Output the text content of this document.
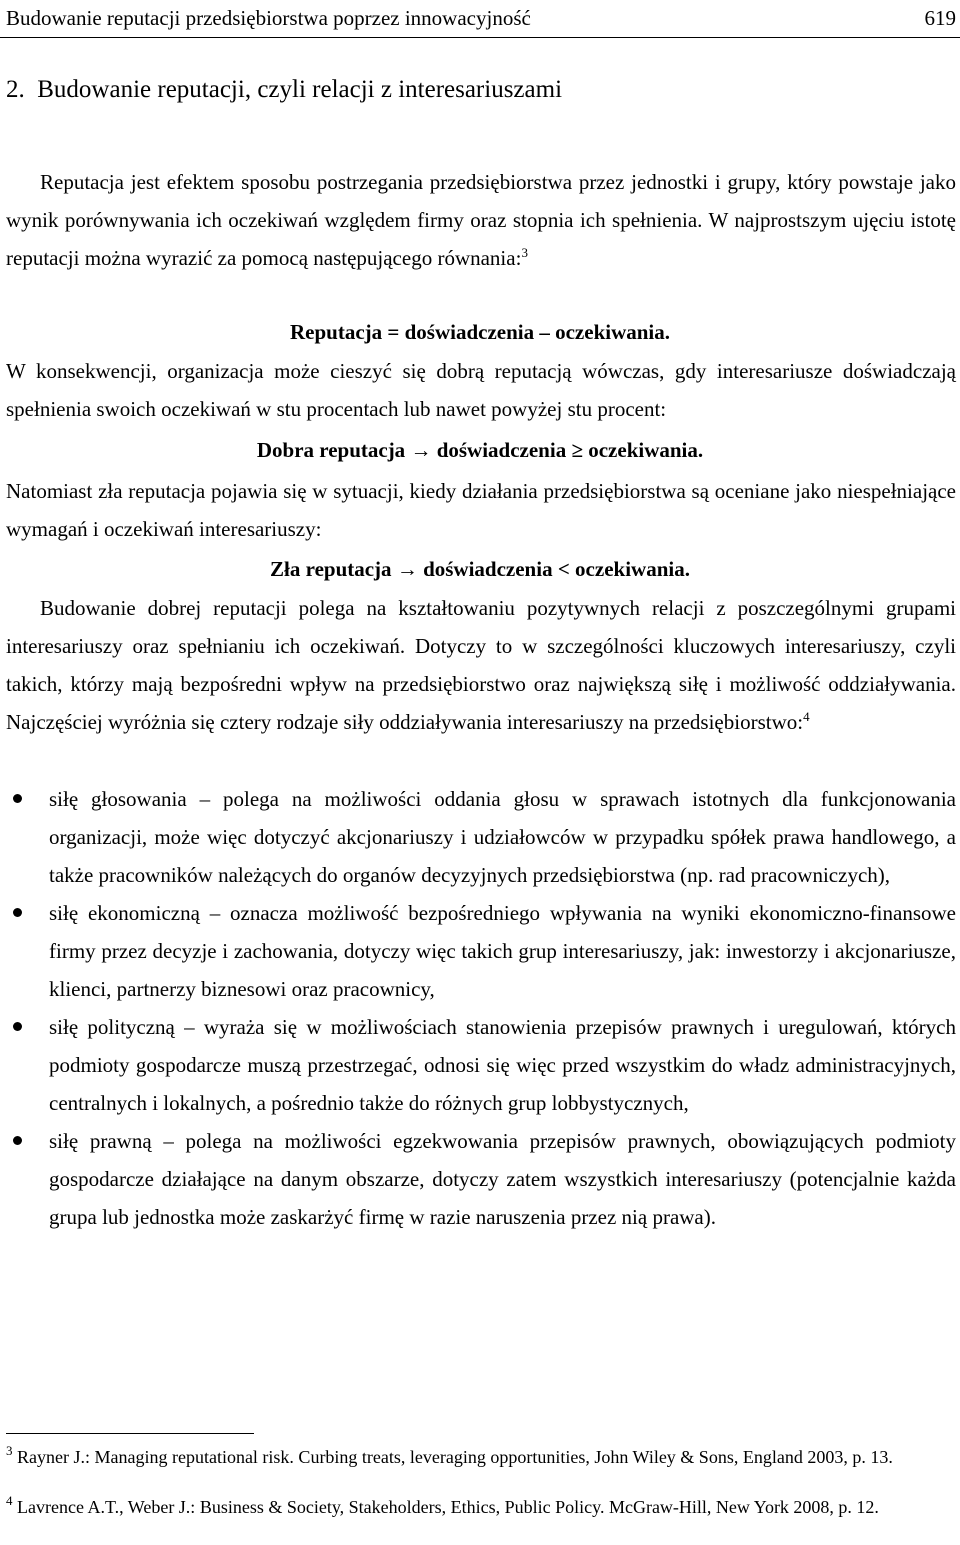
Budowanie reputacji przedsiębiorstwa poprzez innowacyjność	619
2. Budowanie reputacji, czyli relacji z interesariuszami

Reputacja jest efektem sposobu postrzegania przedsiębiorstwa przez jednostki i grupy, który powstaje jako wynik porównywania ich oczekiwań względem firmy oraz stopnia ich spełnienia. W najprostszym ujęciu istotę reputacji można wyrazić za pomocą następującego równania:$^3$

Reputacja = doświadczenia – oczekiwania.

W konsekwencji, organizacja może cieszyć się dobrą reputacją wówczas, gdy interesariusze doświadczają spełnienia swoich oczekiwań w stu procentach lub nawet powyżej stu procent:

Dobra reputacja → doświadczenia ≥ oczekiwania.

Natomiast zła reputacja pojawia się w sytuacji, kiedy działania przedsiębiorstwa są oceniane jako niespełniające wymagań i oczekiwań interesariuszy:

Zła reputacja → doświadczenia < oczekiwania.

Budowanie dobrej reputacji polega na kształtowaniu pozytywnych relacji z poszczególnymi grupami interesariuszy oraz spełnianiu ich oczekiwań. Dotyczy to w szczególności kluczowych interesariuszy, czyli takich, którzy mają bezpośredni wpływ na przedsiębiorstwo oraz największą siłę i możliwość oddziaływania. Najczęściej wyróżnia się cztery rodzaje siły oddziaływania interesariuszy na przedsiębiorstwo:$^4$

siłę głosowania – polega na możliwości oddania głosu w sprawach istotnych dla funkcjonowania organizacji, może więc dotyczyć akcjonariuszy i udziałowców w przypadku spółek prawa handlowego, a także pracowników należących do organów decyzyjnych przedsiębiorstwa (np. rad pracowniczych),
siłę ekonomiczną – oznacza możliwość bezpośredniego wpływania na wyniki ekonomiczno-finansowe firmy przez decyzje i zachowania, dotyczy więc takich grup interesariuszy, jak: inwestorzy i akcjonariusze, klienci, partnerzy biznesowi oraz pracownicy,
siłę polityczną – wyraża się w możliwościach stanowienia przepisów prawnych i uregulowań, których podmioty gospodarcze muszą przestrzegać, odnosi się więc przed wszystkim do władz administracyjnych, centralnych i lokalnych, a pośrednio także do różnych grup lobbystycznych,
siłę prawną – polega na możliwości egzekwowania przepisów prawnych, obowiązujących podmioty gospodarcze działające na danym obszarze, dotyczy zatem wszystkich interesariuszy (potencjalnie każda grupa lub jednostka może zaskarżyć firmę w razie naruszenia przez nią prawa).

$^3$ Rayner J.: Managing reputational risk. Curbing treats, leveraging opportunities, John Wiley & Sons, England 2003, p. 13.

$^4$ Lavrence A.T., Weber J.: Business & Society, Stakeholders, Ethics, Public Policy. McGraw-Hill, New York 2008, p. 12.
